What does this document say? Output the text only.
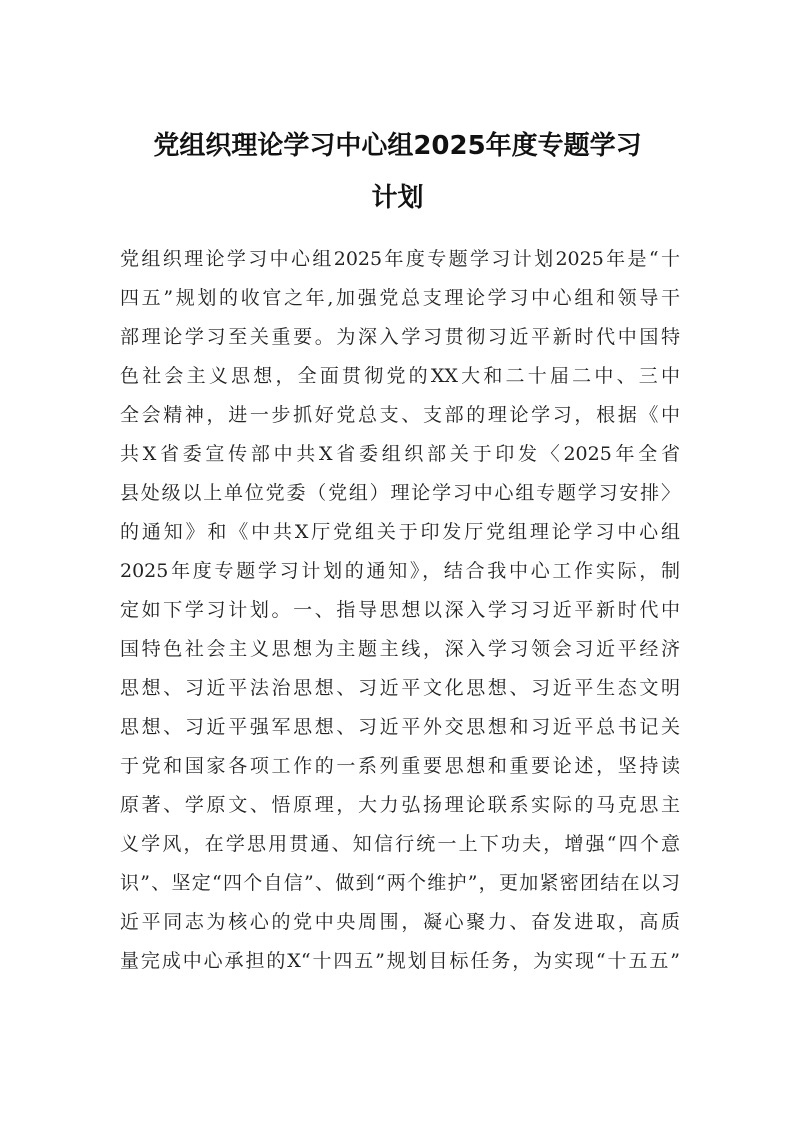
党组织理论学习中心组2025年度专题学习
计划
党组织理论学习中心组2025年度专题学习计划2025年是“十
四五”规划的收官之年,加强党总支理论学习中心组和领导干
部理论学习至关重要。为深入学习贯彻习近平新时代中国特
色社会主义思想，全面贯彻党的XX大和二十届二中、三中
全会精神，进一步抓好党总支、支部的理论学习，根据《中
共X省委宣传部中共X省委组织部关于印发〈2025年全省
县处级以上单位党委（党组）理论学习中心组专题学习安排〉
的通知》和《中共X厅党组关于印发厅党组理论学习中心组
2025年度专题学习计划的通知》，结合我中心工作实际，制
定如下学习计划。一、指导思想以深入学习习近平新时代中
国特色社会主义思想为主题主线，深入学习领会习近平经济
思想、习近平法治思想、习近平文化思想、习近平生态文明
思想、习近平强军思想、习近平外交思想和习近平总书记关
于党和国家各项工作的一系列重要思想和重要论述，坚持读
原著、学原文、悟原理，大力弘扬理论联系实际的马克思主
义学风，在学思用贯通、知信行统一上下功夫，增强“四个意
识”、坚定“四个自信”、做到“两个维护”，更加紧密团结在以习
近平同志为核心的党中央周围，凝心聚力、奋发进取，高质
量完成中心承担的X“十四五”规划目标任务，为实现“十五五”
